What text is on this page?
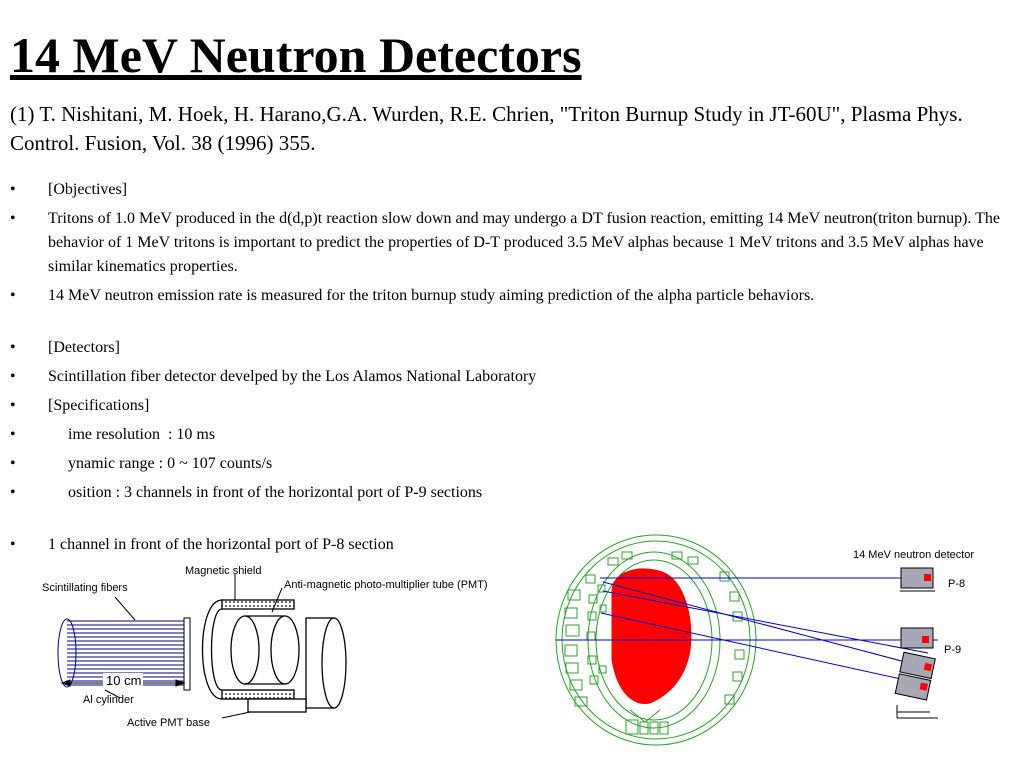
14 MeV Neutron Detectors
(1) T. Nishitani, M. Hoek, H. Harano,G.A. Wurden, R.E. Chrien, "Triton Burnup Study in JT-60U", Plasma Phys. Control. Fusion, Vol. 38 (1996) 355.
• [Objectives]
• Tritons of 1.0 MeV produced in the d(d,p)t reaction slow down and may undergo a DT fusion reaction, emitting 14 MeV neutron(triton burnup). The behavior of 1 MeV tritons is important to predict the properties of D-T produced 3.5 MeV alphas because 1 MeV tritons and 3.5 MeV alphas have similar kinematics properties.
• 14 MeV neutron emission rate is measured for the triton burnup study aiming prediction of the alpha particle behaviors.
• [Detectors]
• Scintillation fiber detector develped by the Los Alamos National Laboratory
• [Specifications]
• ime resolution  : 10 ms
• ynamic range : 0 ~ 107 counts/s
• osition : 3 channels in front of the horizontal port of P-9 sections
• 1 channel in front of the horizontal port of P-8 section
Magnetic shield
Anti-magnetic photo-multiplier tube (PMT)
Scintillating fibers
10 cm
Al cylinder
Active PMT base
14 MeV neutron detector
P-8
P-9
